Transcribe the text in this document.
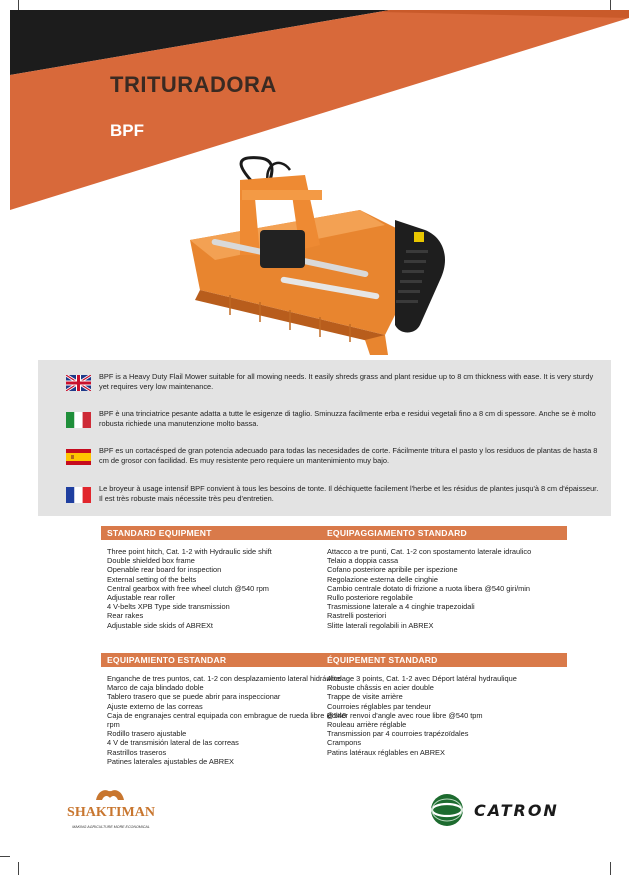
TRITURADORA
BPF
BPF is a Heavy Duty Flail Mower suitable for all mowing needs. It easily shreds grass and plant residue up to 8 cm thickness with ease. It is very sturdy yet requires very low maintenance.
BPF è una trinciatrice pesante adatta a tutte le esigenze di taglio. Sminuzza facilmente erba e residui vegetali fino a 8 cm di spessore. Anche se è molto robusta richiede una manutenzione molto bassa.
BPF es un cortacésped de gran potencia adecuado para todas las necesidades de corte. Fácilmente tritura el pasto y los residuos de plantas de hasta 8 cm de grosor con facilidad. Es muy resistente pero requiere un mantenimiento muy bajo.
Le broyeur à usage intensif BPF convient à tous les besoins de tonte. Il déchiquette facilement l'herbe et les résidus de plantes jusqu'à 8 cm d'épaisseur. Il est très robuste mais nécessite très peu d'entretien.
STANDARD EQUIPMENT
Three point hitch, Cat. 1-2 with Hydraulic side shift
Double shielded box frame
Openable rear board for inspection
External setting of the belts
Central gearbox with free wheel clutch @540 rpm
Adjustable rear roller
4 V-belts XPB Type side transmission
Rear rakes
Adjustable side skids of ABREXt
EQUIPAGGIAMENTO STANDARD
Attacco a tre punti, Cat. 1-2 con spostamento laterale idraulico
Telaio a doppia cassa
Cofano posteriore apribile per ispezione
Regolazione esterna delle cinghie
Cambio centrale dotato di frizione a ruota libera @540 giri/min
Rullo posteriore regolabile
Trasmissione laterale a 4 cinghie trapezoidali
Rastrelli posteriori
Slitte laterali regolabili in ABREX
EQUIPAMIENTO ESTANDAR
Enganche de tres puntos, cat. 1-2 con desplazamiento lateral hidráulico
Marco de caja blindado doble
Tablero trasero que se puede abrir para inspeccionar
Ajuste externo de las correas
Caja de engranajes central equipada con embrague de rueda libre @540 rpm
Rodillo trasero ajustable
4 V de transmisión lateral de las correas
Rastrillos traseros
Patines laterales ajustables de ABREX
ÉQUIPEMENT STANDARD
Attelage 3 points, Cat. 1-2 avec Déport latéral hydraulique
Robuste châssis en acier double
Trappe de visite arrière
Courroies réglables par tendeur
Boitier renvoi d'angle avec roue libre @540 tpm
Rouleau arrière réglable
Transmission par 4 courroies trapézoïdales
Crampons
Patins latéraux réglables en ABREX
SHAKTIMAN
MAKING AGRICULTURE MORE ECONOMICAL
CATRON
